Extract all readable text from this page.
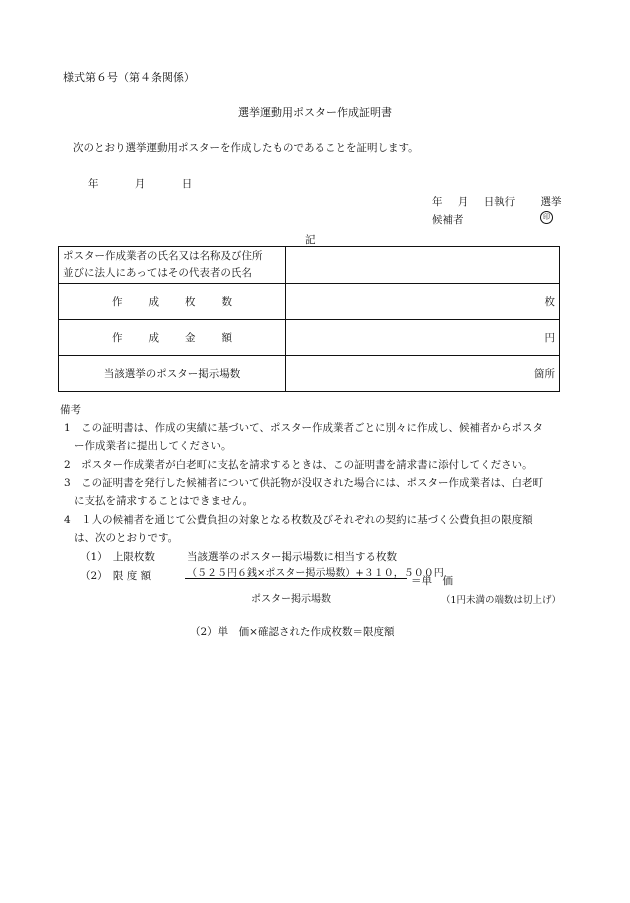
様式第６号（第４条関係）
選挙運動用ポスター作成証明書
次のとおり選挙運動用ポスターを作成したものであることを証明します。
年	月	日
年 月 日執行 選挙
候補者	印
記
ポスター作成業者の氏名又は名称及び住所
並びに法人にあってはその代表者の氏名	

作成枚数	枚
作成金額	円
当該選挙のポスター掲示場数	箇所
備考
1　この証明書は、作成の実績に基づいて、ポスター作成業者ごとに別々に作成し、候補者からポスタ
ー作成業者に提出してください。
2　ポスター作成業者が白老町に支払を請求するときは、この証明書を請求書に添付してください。
3　この証明書を発行した候補者について供託物が没収された場合には、ポスター作成業者は、白老町
に支払を請求することはできません。
4　１人の候補者を通じて公費負担の対象となる枚数及びそれぞれの契約に基づく公費負担の限度額
は、次のとおりです。
（1）　上限枚数	当該選挙のポスター掲示場数に相当する枚数
（2）　限 度 額	（５２５円６銭×ポスター掲示場数）+３１０，５００円
＝単　価
ポスター掲示場数	（1円未満の端数は切上げ）
（2）単　価×確認された作成枚数＝限度額
